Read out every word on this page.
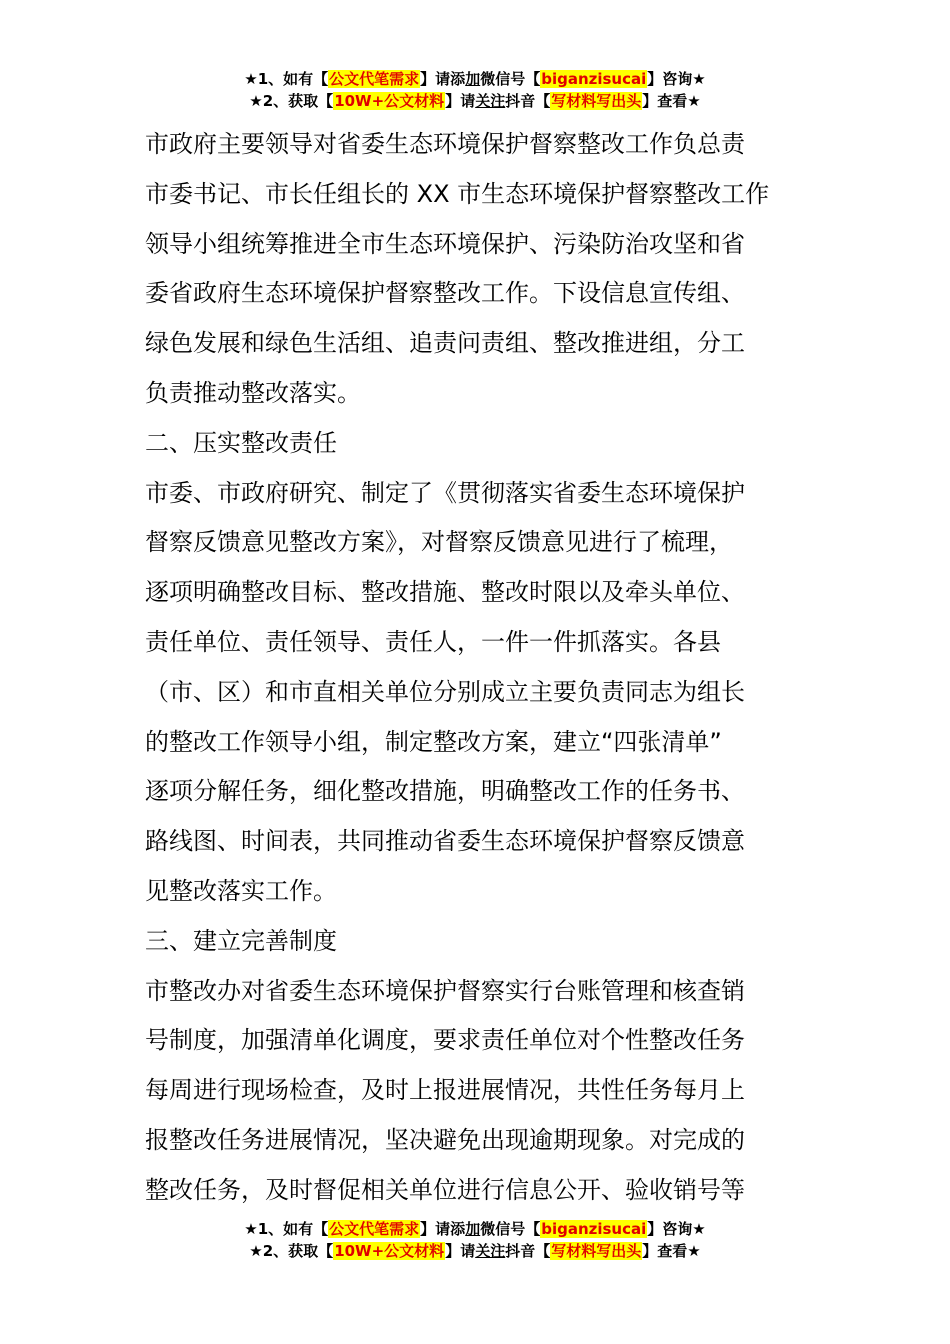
★1、如有【公文代笔需求】请添加微信号【biganzisucai】咨询★
★2、获取【10W+公文材料】请关注抖音【写材料写出头】查看★
市政府主要领导对省委生态环境保护督察整改工作负总责
市委书记、市长任组长的 XX 市生态环境保护督察整改工作
领导小组统筹推进全市生态环境保护、污染防治攻坚和省
委省政府生态环境保护督察整改工作。下设信息宣传组、
绿色发展和绿色生活组、追责问责组、整改推进组，分工
负责推动整改落实。
二、压实整改责任
市委、市政府研究、制定了《贯彻落实省委生态环境保护
督察反馈意见整改方案》，对督察反馈意见进行了梳理，
逐项明确整改目标、整改措施、整改时限以及牵头单位、
责任单位、责任领导、责任人，一件一件抓落实。各县
（市、区）和市直相关单位分别成立主要负责同志为组长
的整改工作领导小组，制定整改方案，建立“四张清单”
逐项分解任务，细化整改措施，明确整改工作的任务书、
路线图、时间表，共同推动省委生态环境保护督察反馈意
见整改落实工作。
三、建立完善制度
市整改办对省委生态环境保护督察实行台账管理和核查销
号制度，加强清单化调度，要求责任单位对个性整改任务
每周进行现场检查，及时上报进展情况，共性任务每月上
报整改任务进展情况，坚决避免出现逾期现象。对完成的
整改任务，及时督促相关单位进行信息公开、验收销号等
★1、如有【公文代笔需求】请添加微信号【biganzisucai】咨询★
★2、获取【10W+公文材料】请关注抖音【写材料写出头】查看★
